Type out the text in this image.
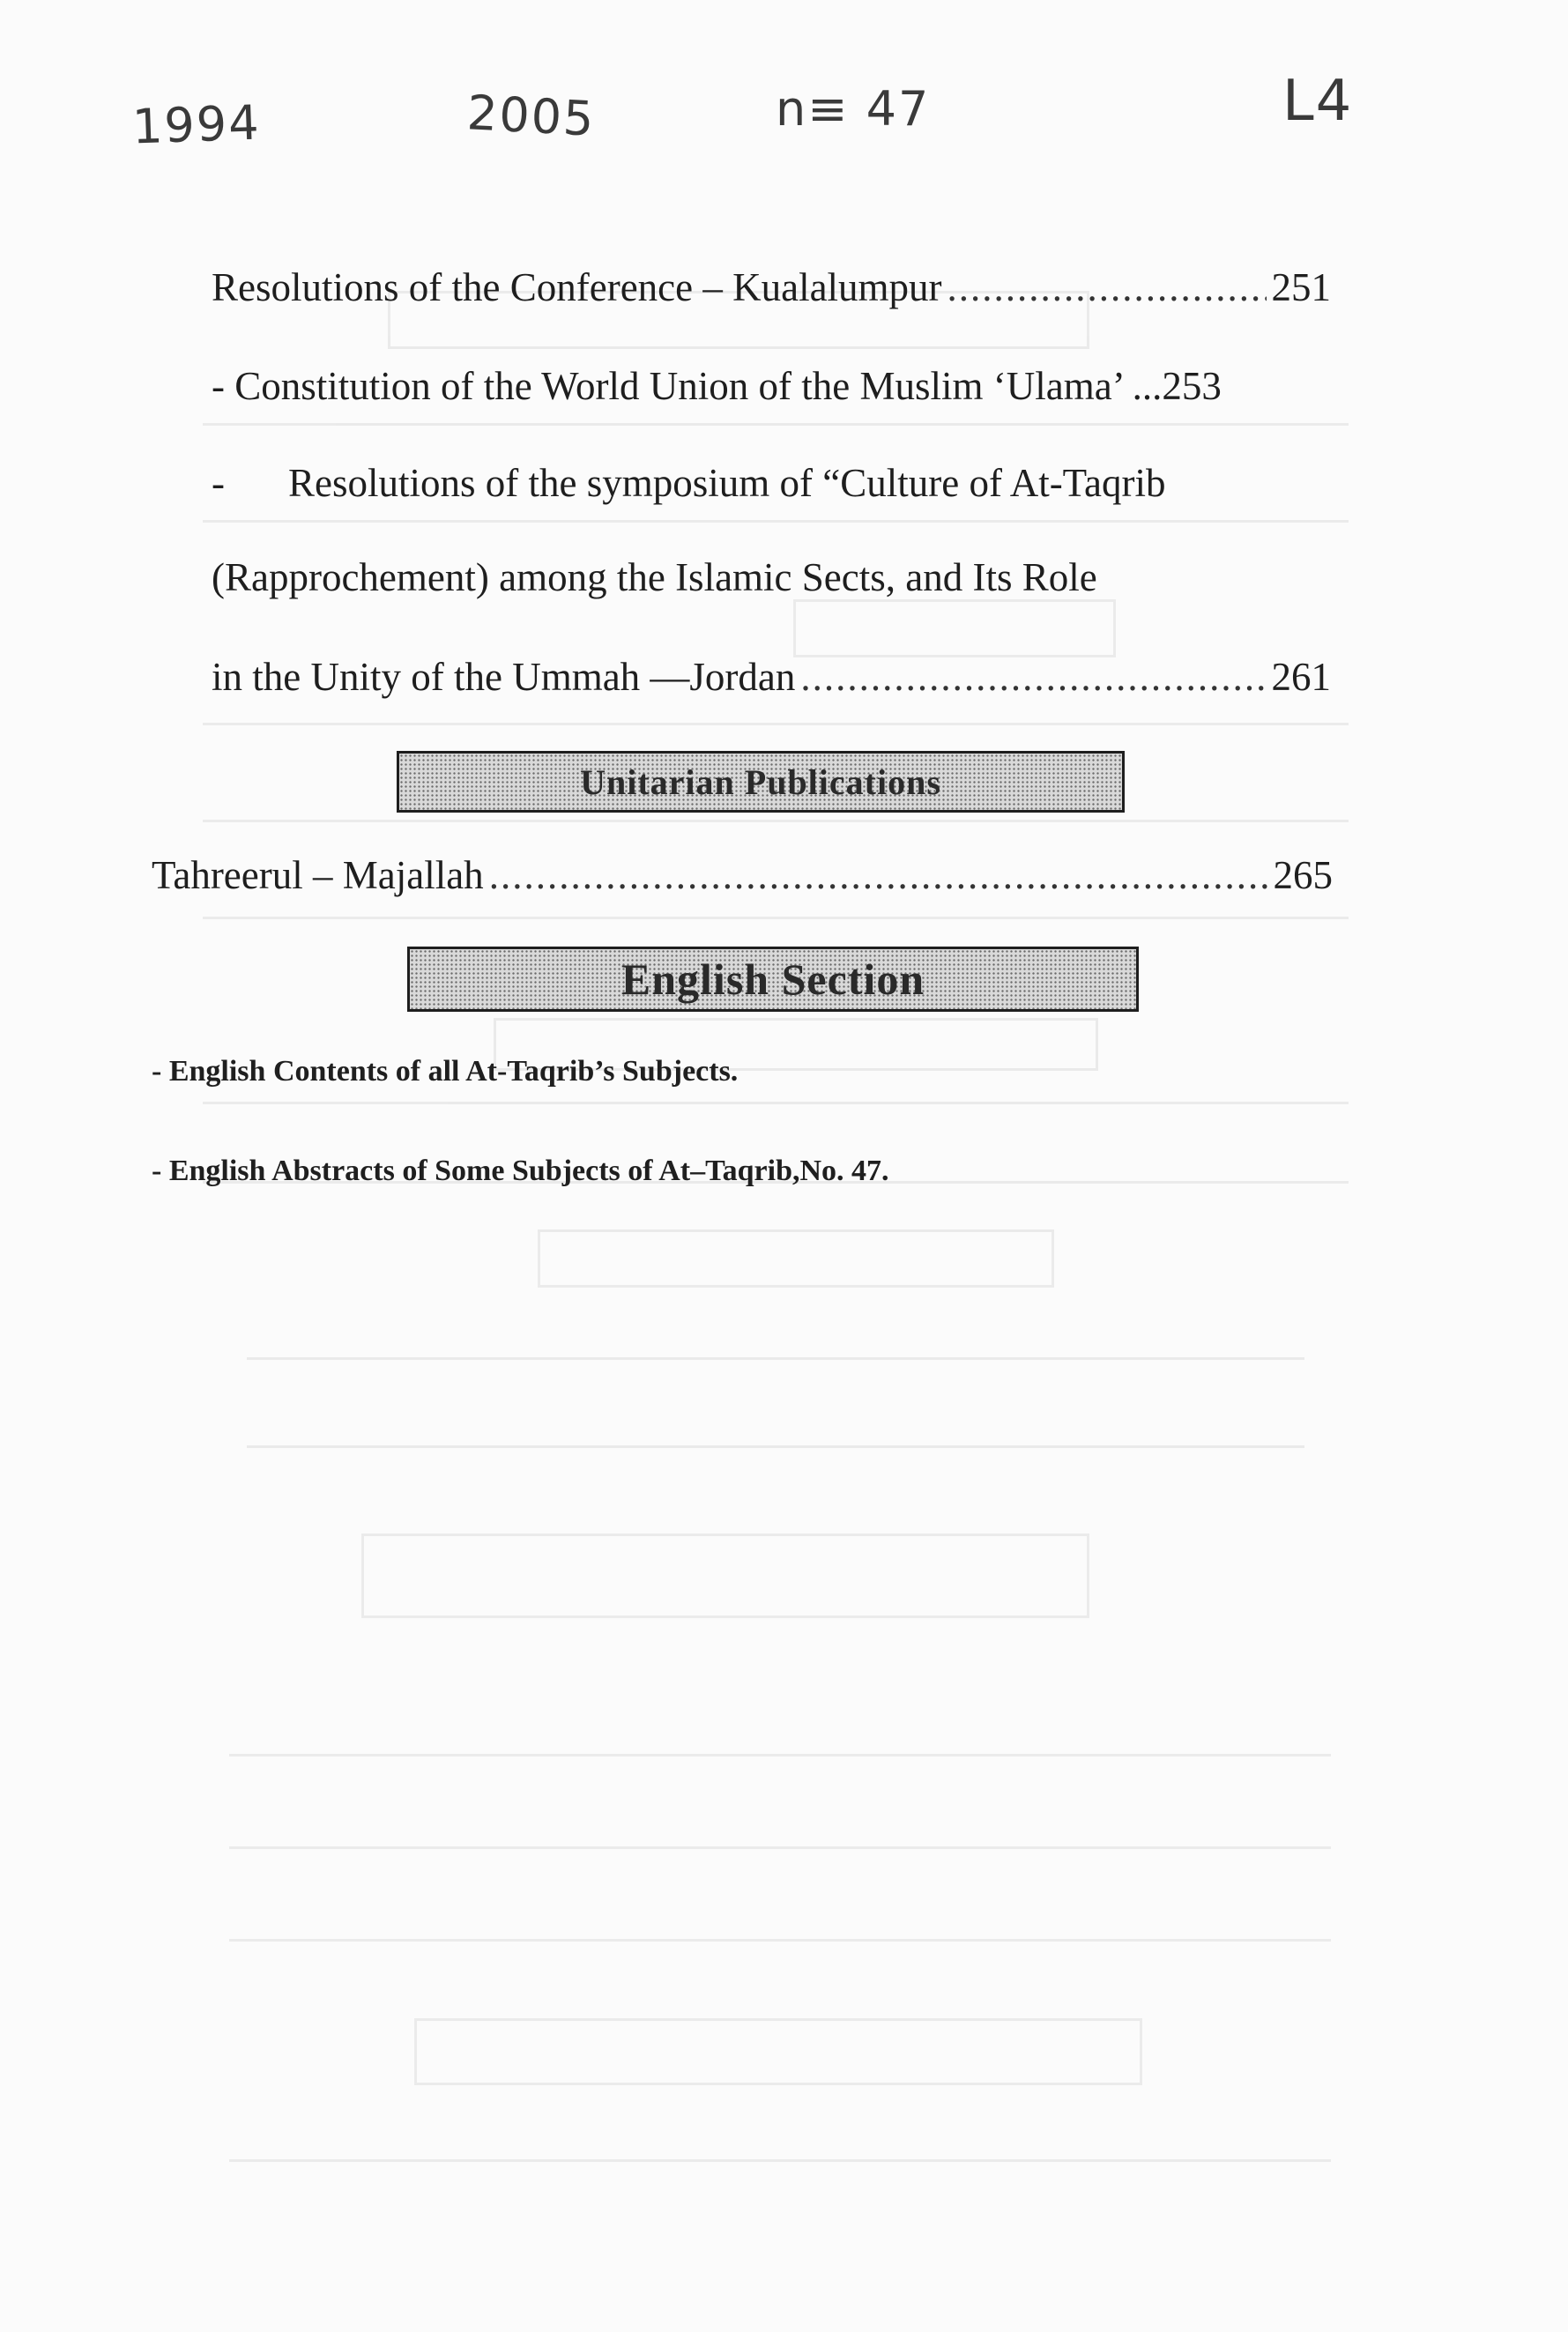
1994	2005	n≡ 47	L4
Resolutions of the Conference – Kualalumpur .....	251
- Constitution of the World Union of the Muslim ‘Ulama’ ... 253
- Resolutions of the symposium of “Culture of At-Taqrib
(Rapprochement) among the Islamic Sects, and Its Role
in the Unity of the Ummah —Jordan .....	261
Unitarian Publications
Tahreerul – Majallah .....	265
English Section
- English Contents of all At-Taqrib’s Subjects.
- English Abstracts of Some Subjects of At–Taqrib,No. 47.
